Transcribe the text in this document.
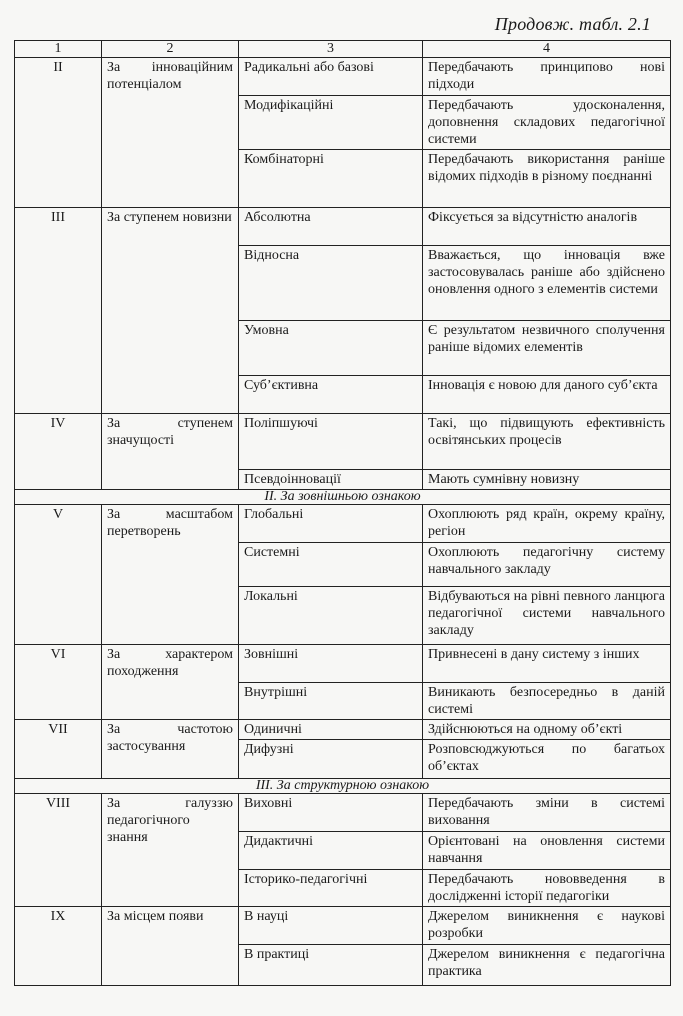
Продовж. табл. 2.1
1	2	3	4
II	За інноваційним потенціалом	Радикальні або базові	Передбачають принципово нові підходи
		Модифікаційні	Передбачають удосконалення, доповнення складових педагогічної системи
		Комбінаторні	Передбачають використання раніше відомих підходів в різному поєднанні
III	За ступенем новизни	Абсолютна	Фіксується за відсутністю аналогів
		Відносна	Вважається, що інновація вже застосовувалась раніше або здійснено оновлення одного з елементів системи
		Умовна	Є результатом незвичного сполучення раніше відомих елементів
		Суб’єктивна	Інновація є новою для даного суб’єкта
IV	За ступенем значущості	Поліпшуючі	Такі, що підвищують ефективність освітянських процесів
		Псевдоінновації	Мають сумнівну новизну
II. За зовнішньою ознакою			
V	За масштабом перетворень	Глобальні	Охоплюють ряд країн, окрему країну, регіон
		Системні	Охоплюють педагогічну систему навчального закладу
		Локальні	Відбуваються на рівні певного ланцюга педагогічної системи навчального закладу
VI	За характером походження	Зовнішні	Привнесені в дану систему з інших
		Внутрішні	Виникають безпосередньо в даній системі
VII	За частотою застосування	Одиничні	Здійснюються на одному об’єкті
		Дифузні	Розповсюджуються по багатьох об’єктах
III. За структурною ознакою			
VIII	За галуззю педагогічного знання	Виховні	Передбачають зміни в системі виховання
		Дидактичні	Орієнтовані на оновлення системи навчання
		Історико-педагогічні	Передбачають нововведення в дослідженні історії педагогіки
IX	За місцем появи	В науці	Джерелом виникнення є наукові розробки
		В практиці	Джерелом виникнення є педагогічна практика
